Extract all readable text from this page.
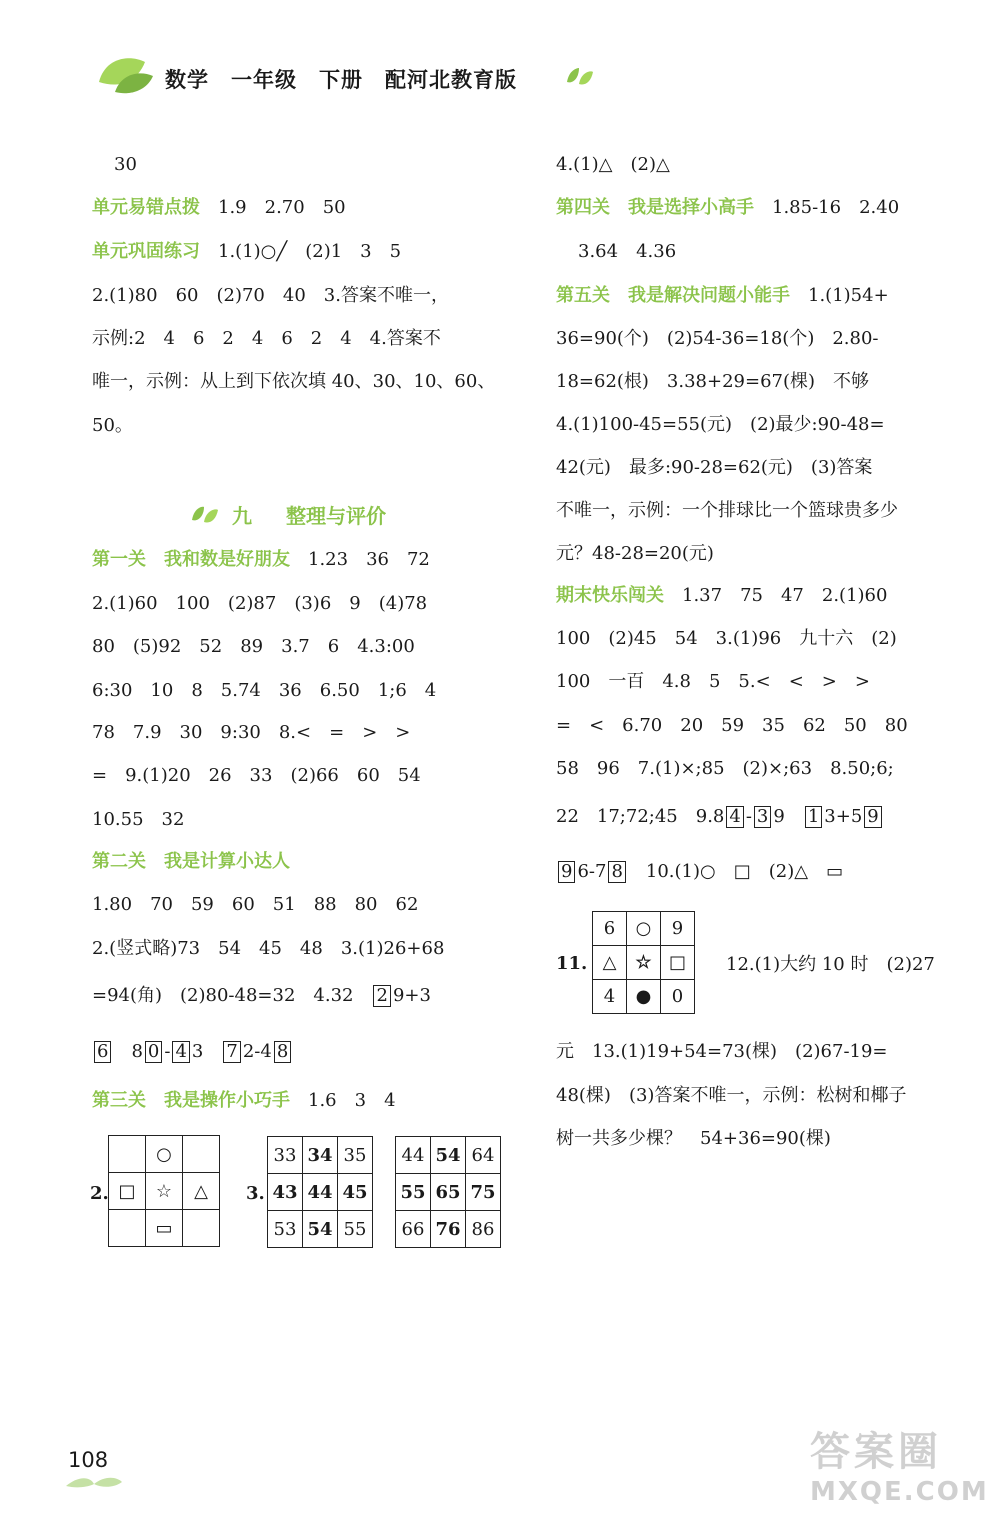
数学 一年级 下册 配河北教育版
30
单元易错点拨 1.9　2.70　50
单元巩固练习 1.(1)○╱　(2)1　3　5
2.(1)80　60　(2)70　40　3.答案不唯一，
示例:2　4　6　2　4　6　2　4　4.答案不
唯一，示例：从上到下依次填 40、30、10、60、
50。
第一关　我和数是好朋友 1.23　36　72
2.(1)60　100　(2)87　(3)6　9　(4)78
80　(5)92　52　89　3.7　6　4.3:00
6:30　10　8　5.74　36　6.50　1;6　4
78　7.9　30　9:30　8.<　=　>　>
=　9.(1)20　26　33　(2)66　60　54
10.55　32
第二关　我是计算小达人
1.80　70　59　60　51　88　80　62
2.(竖式略)73　54　45　48　3.(1)26+68
=94(角)　(2)80-48=32　4.32　 2 9+3
6　 8 0 - 4 3　 7 2-4 8
第三关　我是操作小巧手 1.6　3　4
九 整理与评价
2.
	○	
□	☆	△
	▭	
3.
33	34	35
43	44	45
53	54	55
44	54	64
55	65	75
66	76	86
4.(1)△　(2)△
第四关　我是选择小高手 1.85-16　2.40
3.64　4.36
第五关　我是解决问题小能手 1.(1)54+
36=90(个)　(2)54-36=18(个)　2.80-
18=62(根)　3.38+29=67(棵)　不够
4.(1)100-45=55(元)　(2)最少:90-48=
42(元)　最多:90-28=62(元)　(3)答案
不唯一，示例：一个排球比一个篮球贵多少
元？48-28=20(元)
期末快乐闯关 1.37　75　47　2.(1)60
100　(2)45　54　3.(1)96　九十六　(2)
100　一百　4.8　5　5.<　<　>　>
=　<　6.70　20　59　35　62　50　80
58　96　7.(1)×;85　(2)×;63　8.50;6;
22　17;72;45　9.8 4 - 3 9　 1 3+5 9
9 6-7 8　 10.(1)○　□　(2)△　▭
12.(1)大约 10 时　(2)27
元　13.(1)19+54=73(棵)　(2)67-19=
48(棵)　(3)答案不唯一，示例：松树和椰子
树一共多少棵？　54+36=90(棵)
11.
6	○	9
△	☆	□
4	●	0
108	答案圈
MXQE.COM
